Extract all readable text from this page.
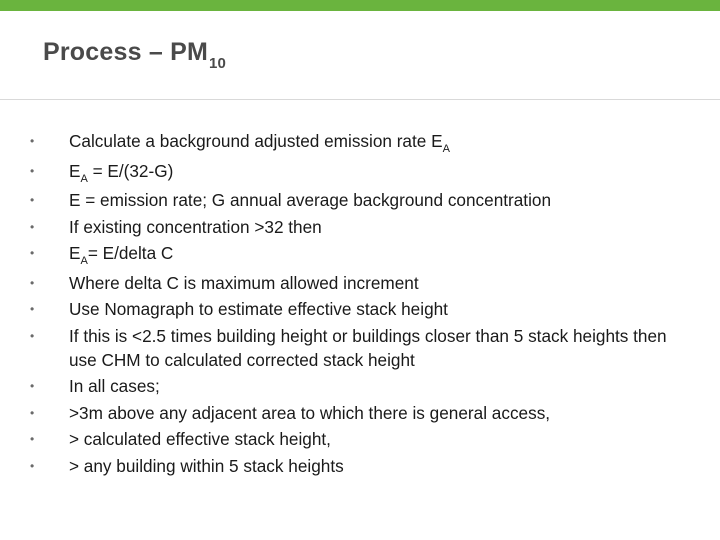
Process – $PM_{10}$
•	Calculate a background adjusted emission rate $E_A$
•	$E_A = E/(32-G)$
•	E = emission rate; G annual average background concentration
•	If existing concentration >32 then
•	$E_A=$ E/delta C
•	Where delta C is maximum allowed increment
•	Use Nomagraph to estimate effective stack height
•	If this is <2.5 times building height or buildings closer than 5 stack heights then use CHM to calculated corrected stack height
•	In all cases;
•	>3m above any adjacent area to which there is general access,
•	> calculated effective stack height,
•	> any building within 5 stack heights
